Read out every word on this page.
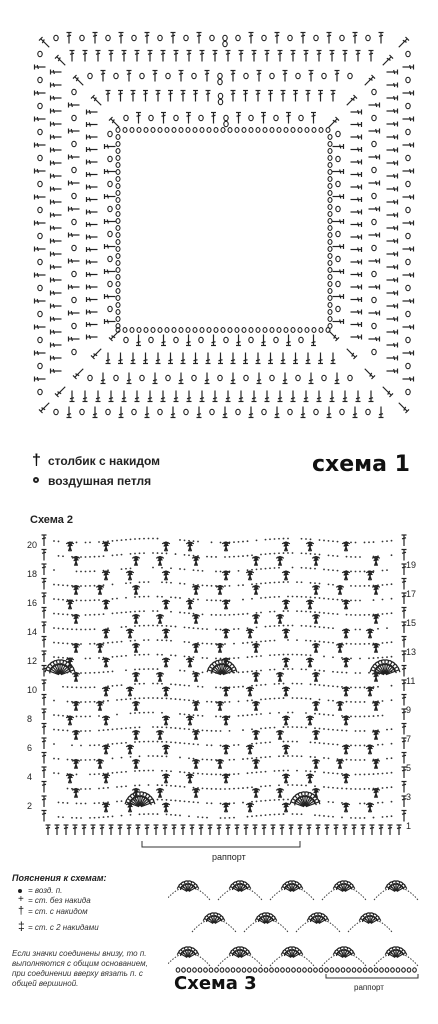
† столбик с накидом
воздушная петля
схема 1
Схема 2
20
18
16
14
12
10
8
6
4
2
19
17
15
13
11
9
7
5
3
1
раппорт
Пояснения к схемам:
= возд. п.
+ = ст. без накида
† = ст. с накидом
‡ = ст. с 2 накидами
Если значки соединены внизу, то п. выполняются с общим основанием, при соединении вверху вязать п. с общей вершиной.	Схема 3	раппорт
